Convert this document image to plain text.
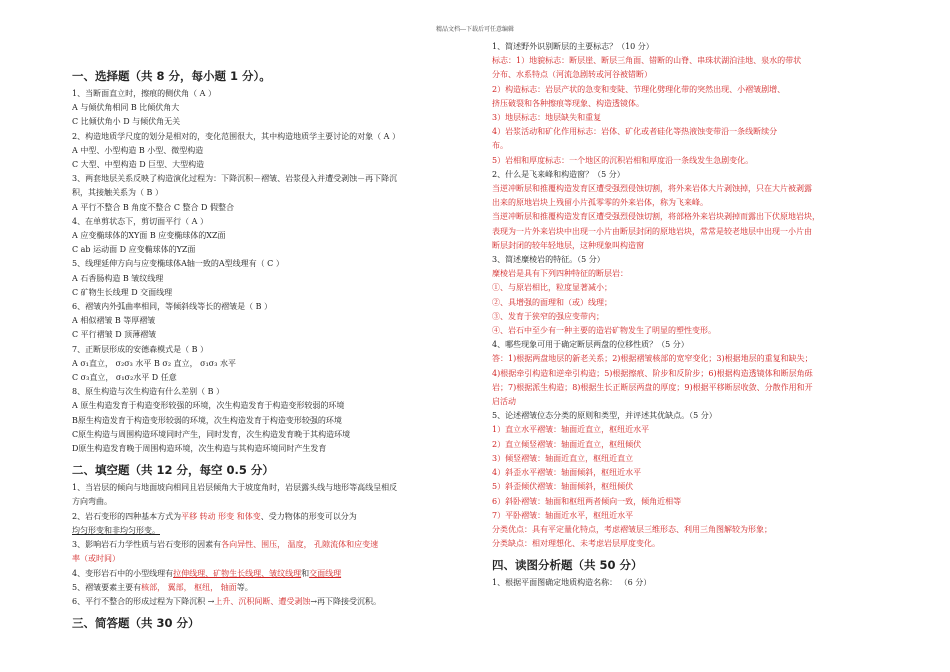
精品文档---下载后可任意编辑
一、选择题（共 8 分，每小题 1 分）。
1、当断面直立时，擦痕的侧伏角（ A ）
A 与倾伏角相同 B 比倾伏角大
C 比倾伏角小 D 与倾伏角无关
2、构造地质学尺度的划分是相对的，变化范围很大，其中构造地质学主要讨论的对象（ A ）
A 中型、小型构造 B 小型、微型构造
C 大型、中型构造 D 巨型、大型构造
3、两套地层关系反映了构造演化过程为：下降沉积－褶皱、岩浆侵入并遭受剥蚀－再下降沉
积，其接触关系为（ B ）
A 平行不整合 B 角度不整合 C 整合 D 假整合
4、在单剪状态下，剪切面平行（ A ）
A 应变椭球体的XY面 B 应变椭球体的XZ面
C ab 运动面 D 应变椭球体的YZ面
5、线理延伸方向与应变椭球体A轴一致的A型线理有（ C ）
A 石香肠构造 B 皱纹线理
C 矿物生长线理 D 交面线理
6、褶皱内外弧曲率相同，等倾斜线等长的褶皱是（ B ）
A 相似褶皱 B 等厚褶皱
C 平行褶皱 D 顶薄褶皱
7、正断层形成的安德森模式是（ B ）
A σ₁直立， σ₂σ₃ 水平 B σ₂ 直立， σ₁σ₃ 水平
C σ₃直立， σ₁σ₂水平 D 任意
8、原生构造与次生构造有什么差别（ B ）
A 原生构造发育于构造变形较强的环境，次生构造发育于构造变形较弱的环境
B原生构造发育于构造变形较弱的环境，次生构造发育于构造变形较强的环境
C原生构造与周围构造环境同时产生，同时发育，次生构造发育晚于其构造环境
D原生构造发育晚于周围构造环境，次生构造与其构造环境同时产生发育
二、填空题（共 12 分，每空 0.5 分）
1、当岩层的倾向与地面坡向相同且岩层倾角大于坡度角时，岩层露头线与地形等高线呈相反
方向弯曲。
2、岩石变形的四种基本方式为平移 转动 形变 和体变、受力物体的形变可以分为
均匀形变和非均匀形变。
3、影响岩石力学性质与岩石变形的因素有各向异性、围压， 温度， 孔隙流体和应变速
率（或时间）
4、变形岩石中的小型线理有拉伸线理、矿物生长线理、皱纹线理和交面线理
5、褶皱要素主要有核部， 翼部， 枢纽， 轴面等。
6、平行不整合的形成过程为下降沉积 →上升、沉积间断、遭受剥蚀→再下降接受沉积。
三、简答题（共 30 分）
1、简述野外识别断层的主要标志？（10 分）
标志：1）地貌标志：断层崖、断层三角面、错断的山脊、串珠状湖泊洼地、泉水的带状
分布、水系特点（河流急剧转或河谷被错断）
2）构造标志：岩层产状的急变和变陡、节理化劈理化带的突然出现、小褶皱剧增、
挤压破裂和各种擦痕等现象、构造透镜体。
3）地层标志：地层缺失和重复
4）岩浆活动和矿化作用标志：岩体、矿化或者硅化等热液蚀变带沿一条线断续分
布。
5）岩相和厚度标志：一个地区的沉积岩相和厚度沿一条线发生急剧变化。
2、什么是飞来峰和构造窗？（5 分）
当逆冲断层和推覆构造发育区遭受强烈侵蚀切割，将外来岩体大片剥蚀掉，只在大片被剥露
出来的原地岩块上残留小片孤零零的外来岩体，称为飞来峰。
当逆冲断层和推覆构造发育区遭受强烈侵蚀切割，将部格外来岩块剥掉而露出下伏原地岩块，
表现为一片外来岩块中出现一小片由断层封闭的原地岩块，常常是较老地层中出现一小片由
断层封闭的较年轻地层，这种现象叫构造窗
3、简述糜棱岩的特征。（5 分）
糜棱岩是具有下列四种特征的断层岩：
①、与原岩相比，粒度显著减小；
②、具增强的面理和（或）线理；
③、发育于狭窄的强应变带内；
④、岩石中至少有一种主要的造岩矿物发生了明显的塑性变形。
4、哪些现象可用于确定断层两盘的位移性质？（5 分）
答：1)根据两盘地层的新老关系；2)根据褶皱核部的宽窄变化；3)根据地层的重复和缺失；
4)根据牵引构造和逆牵引构造；5)根据擦痕、阶步和反阶步；6)根据构造透镜体和断层角砾
岩；7)根据派生构造；8)根据生长正断层两盘的厚度；9)根据平移断层收敛、分散作用和开
启活动
5、论述褶皱位态分类的原则和类型，并评述其优缺点。（5 分）
1）直立水平褶皱：轴面近直立，枢纽近水平
2）直立倾竖褶皱：轴面近直立，枢纽倾伏
3）倾竖褶皱：轴面近直立，枢纽近直立
4）斜歪水平褶皱：轴面倾斜，枢纽近水平
5）斜歪倾伏褶皱：轴面倾斜，枢纽倾伏
6）斜卧褶皱：轴面和枢纽两者倾向一致，倾角近相等
7）平卧褶皱：轴面近水平，枢纽近水平
分类优点：具有平定量化特点，考虑褶皱层三维形态、利用三角图解较为形象；
分类缺点：相对理想化、未考虑岩层厚度变化。
四、读图分析题（共 50 分）
1、根据平面图确定地质构造名称： （6 分）
